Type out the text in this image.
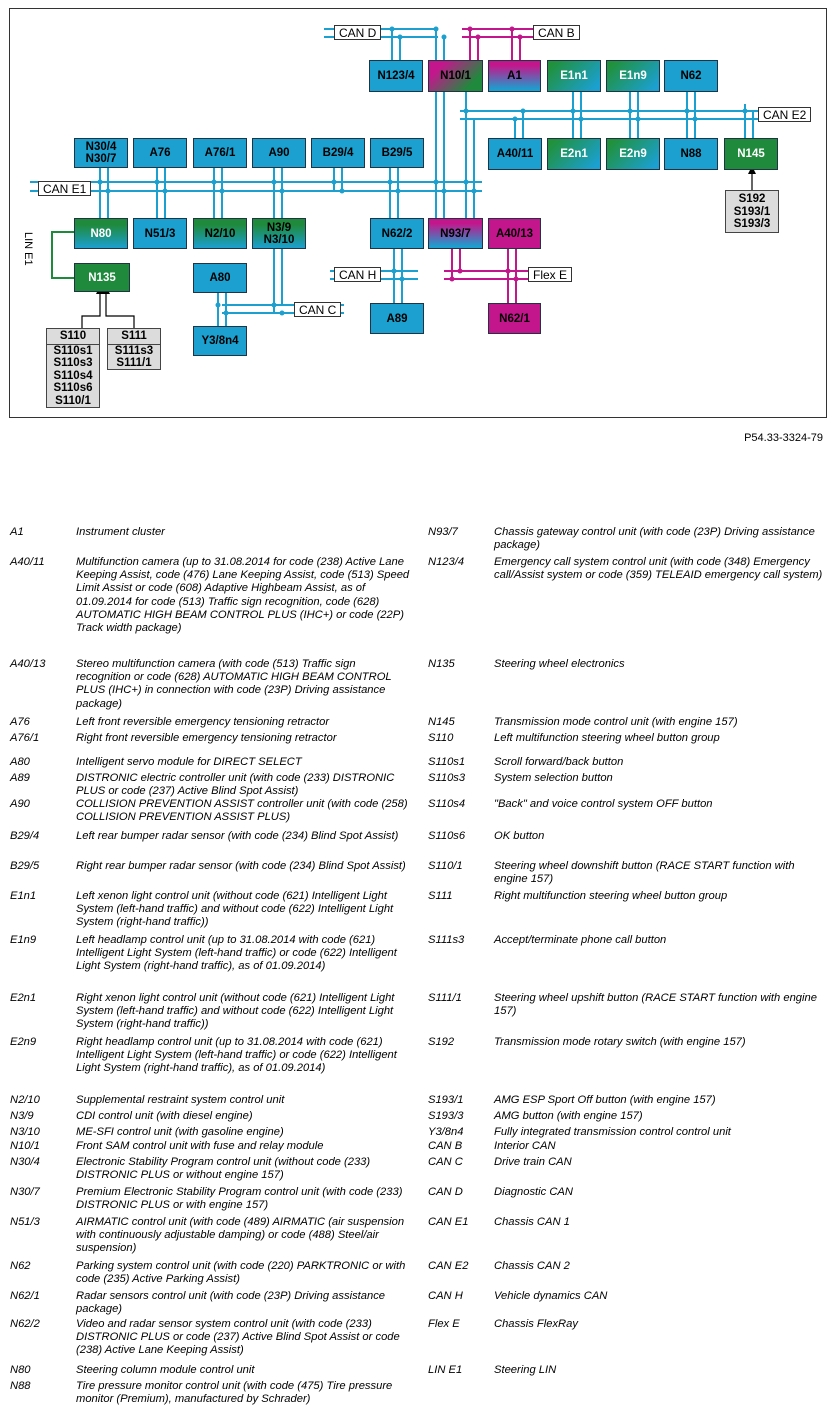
CAN D	CAN B
CAN E2
CAN E1
CAN H	Flex E
CAN C
LIN E1
N123/4	N10/1	A1	E1n1	E1n9	N62
A40/11	E2n1	E2n9	N88	N145
N30/4
N30/7	A76	A76/1	A90	B29/4	B29/5
N80	N51/3	N2/10	N3/9
N3/10	N62/2	N93/7	A40/13
N135	A80
Y3/8n4
A89	N62/1
S192
S193/1
S193/3
S110
S110s1
S110s3
S110s4
S110s6
S110/1
S111
S111s3
S111/1
P54.33-3324-79
A1	Instrument cluster
A40/11	Multifunction camera (up to 31.08.2014 for code (238) Active Lane Keeping Assist, code (476) Lane Keeping Assist, code (513) Speed Limit Assist or code (608) Adaptive Highbeam Assist, as of 01.09.2014 for code (513) Traffic sign recognition, code (628) AUTOMATIC HIGH BEAM CONTROL PLUS (IHC+) or code (22P) Track width package)
A40/13	Stereo multifunction camera (with code (513) Traffic sign recognition or code (628) AUTOMATIC HIGH BEAM CONTROL PLUS (IHC+) in connection with code (23P) Driving assistance package)
A76	Left front reversible emergency tensioning retractor
A76/1	Right front reversible emergency tensioning retractor
A80	Intelligent servo module for DIRECT SELECT
A89	DISTRONIC electric controller unit (with code (233) DISTRONIC PLUS or code (237) Active Blind Spot Assist)
A90	COLLISION PREVENTION ASSIST controller unit (with code (258) COLLISION PREVENTION ASSIST PLUS)
B29/4	Left rear bumper radar sensor (with code (234) Blind Spot Assist)
B29/5	Right rear bumper radar sensor (with code (234) Blind Spot Assist)
E1n1	Left xenon light control unit (without code (621) Intelligent Light System (left-hand traffic) and without code (622) Intelligent Light System (right-hand traffic))
E1n9	Left headlamp control unit (up to 31.08.2014 with code (621) Intelligent Light System (left-hand traffic) or code (622) Intelligent Light System (right-hand traffic), as of 01.09.2014)
E2n1	Right xenon light control unit (without code (621) Intelligent Light System (left-hand traffic) and without code (622) Intelligent Light System (right-hand traffic))
E2n9	Right headlamp control unit (up to 31.08.2014 with code (621) Intelligent Light System (left-hand traffic) or code (622) Intelligent Light System (right-hand traffic), as of 01.09.2014)
N2/10	Supplemental restraint system control unit
N3/9	CDI control unit (with diesel engine)
N3/10	ME-SFI control unit (with gasoline engine)
N10/1	Front SAM control unit with fuse and relay module
N30/4	Electronic Stability Program control unit (without code (233) DISTRONIC PLUS or without engine 157)
N30/7	Premium Electronic Stability Program control unit (with code (233) DISTRONIC PLUS or with engine 157)
N51/3	AIRMATIC control unit (with code (489) AIRMATIC (air suspension with continuously adjustable damping) or code (488) Steel/air suspension)
N62	Parking system control unit (with code (220) PARKTRONIC or with code (235) Active Parking Assist)
N62/1	Radar sensors control unit (with code (23P) Driving assistance package)
N62/2	Video and radar sensor system control unit (with code (233) DISTRONIC PLUS or code (237) Active Blind Spot Assist or code (238) Active Lane Keeping Assist)
N80	Steering column module control unit
N88	Tire pressure monitor control unit (with code (475) Tire pressure monitor (Premium), manufactured by Schrader)
N93/7	Chassis gateway control unit (with code (23P) Driving assistance package)
N123/4	Emergency call system control unit (with code (348) Emergency call/Assist system or code (359) TELEAID emergency call system)
N135	Steering wheel electronics
N145	Transmission mode control unit (with engine 157)
S110	Left multifunction steering wheel button group
S110s1	Scroll forward/back button
S110s3	System selection button
S110s4	"Back" and voice control system OFF button
S110s6	OK button
S110/1	Steering wheel downshift button (RACE START function with engine 157)
S111	Right multifunction steering wheel button group
S111s3	Accept/terminate phone call button
S111/1	Steering wheel upshift button (RACE START function with engine 157)
S192	Transmission mode rotary switch (with engine 157)
S193/1	AMG ESP Sport Off button (with engine 157)
S193/3	AMG button (with engine 157)
Y3/8n4	Fully integrated transmission control control unit
CAN B	Interior CAN
CAN C	Drive train CAN
CAN D	Diagnostic CAN
CAN E1	Chassis CAN 1
CAN E2	Chassis CAN 2
CAN H	Vehicle dynamics CAN
Flex E	Chassis FlexRay
LIN E1	Steering LIN
